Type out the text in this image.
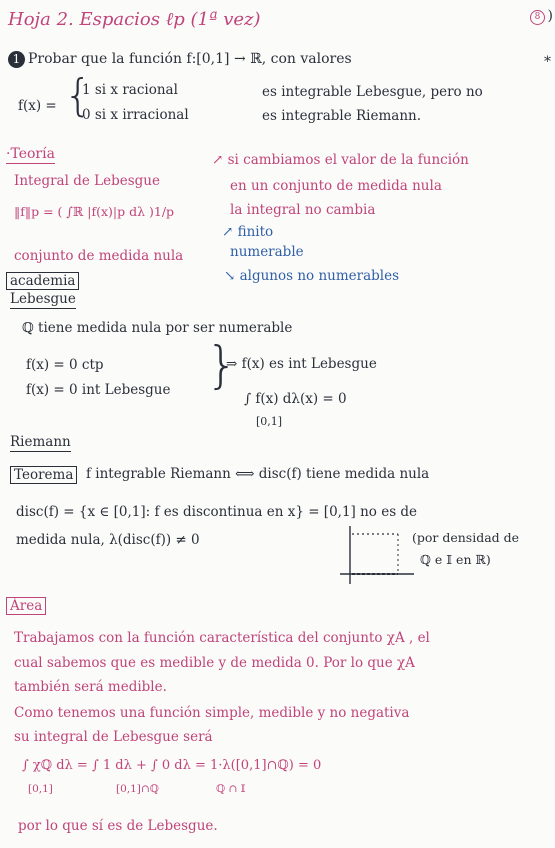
Hoja 2. Espacios ℓp (1ª vez)	8 )
*
1 Probar que la función f:[0,1] → ℝ, con valores
f(x) = {
1 si x racional
0 si x irracional
es integrable Lebesgue, pero no
es integrable Riemann.
·Teoría
Integral de Lebesgue
‖f‖p = ( ∫ℝ |f(x)|p dλ )1/p
↗ si cambiamos el valor de la función
en un conjunto de medida nula
la integral no cambia
conjunto de medida nula
↗ finito
numerable
↘ algunos no numerables
academia
Lebesgue
ℚ tiene medida nula por ser numerable
f(x) = 0 ctp
f(x) = 0 int Lebesgue }
⇒ f(x) es int Lebesgue
∫ f(x) dλ(x) = 0
[0,1]
Riemann
Teorema f integrable Riemann ⟺ disc(f) tiene medida nula
disc(f) = {x ∈ [0,1]: f es discontinua en x} = [0,1] no es de
medida nula, λ(disc(f)) ≠ 0	(por densidad de
ℚ e 𝕀 en ℝ)
Área
Trabajamos con la función característica del conjunto χA , el
cual sabemos que es medible y de medida 0. Por lo que χA
también será medible.
Como tenemos una función simple, medible y no negativa
su integral de Lebesgue será
∫ χℚ dλ = ∫ 1 dλ + ∫ 0 dλ = 1·λ([0,1]∩ℚ) = 0
[0,1]	[0,1]∩ℚ	ℚ ∩ 𝕀
por lo que sí es de Lebesgue.
